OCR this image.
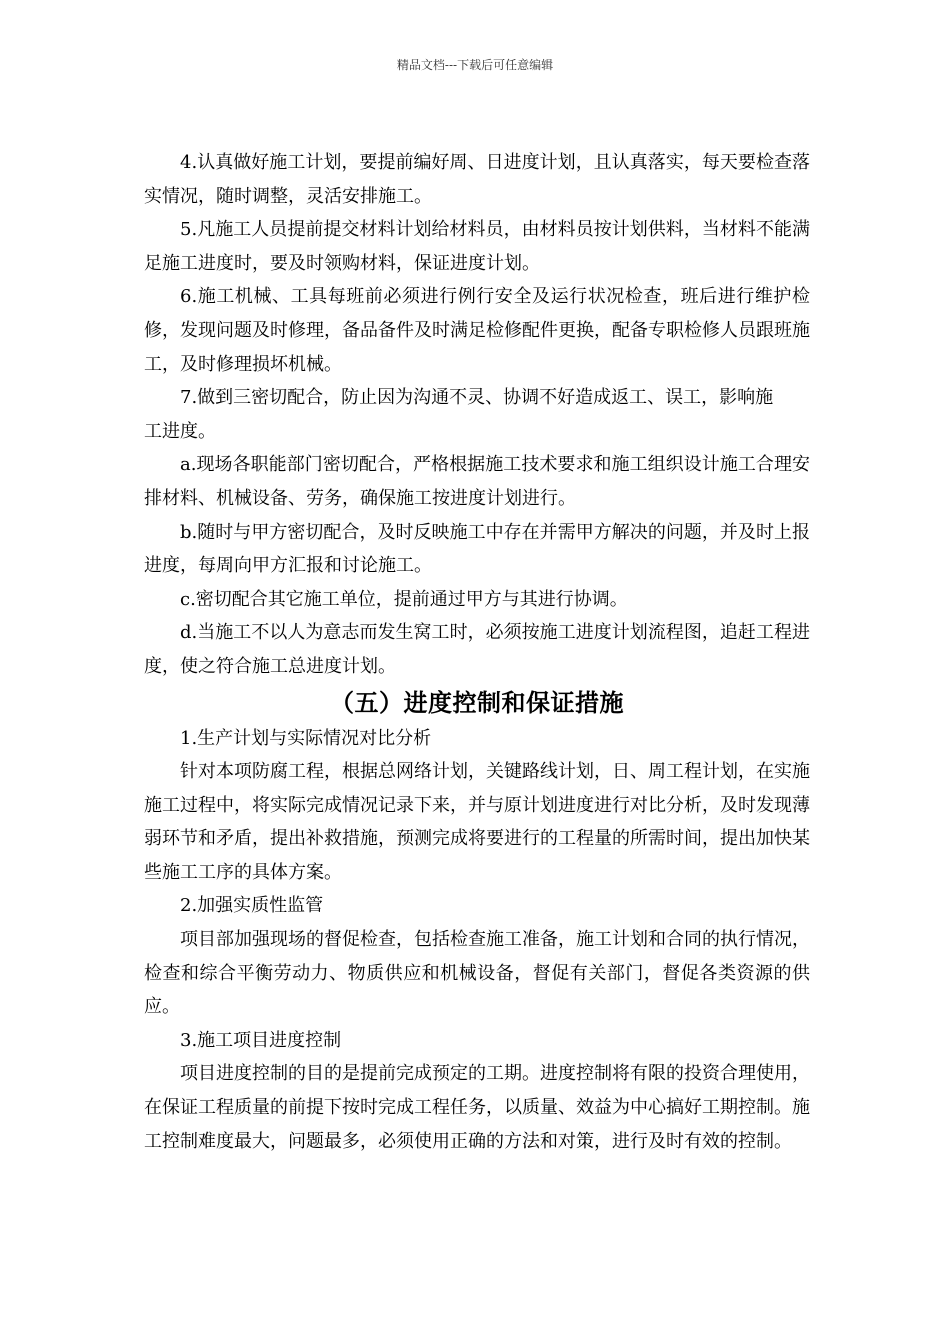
精品文档---下载后可任意编辑

4.认真做好施工计划，要提前编好周、日进度计划，且认真落实，每天要检查落实情况，随时调整，灵活安排施工。

5.凡施工人员提前提交材料计划给材料员，由材料员按计划供料，当材料不能满足施工进度时，要及时领购材料，保证进度计划。

6.施工机械、工具每班前必须进行例行安全及运行状况检查，班后进行维护检修，发现问题及时修理，备品备件及时满足检修配件更换，配备专职检修人员跟班施工，及时修理损坏机械。

7.做到三密切配合，防止因为沟通不灵、协调不好造成返工、误工，影响施

工进度。

a.现场各职能部门密切配合，严格根据施工技术要求和施工组织设计施工合理安排材料、机械设备、劳务，确保施工按进度计划进行。

b.随时与甲方密切配合，及时反映施工中存在并需甲方解决的问题，并及时上报进度，每周向甲方汇报和讨论施工。

c.密切配合其它施工单位，提前通过甲方与其进行协调。

d.当施工不以人为意志而发生窝工时，必须按施工进度计划流程图，追赶工程进度，使之符合施工总进度计划。

（五）进度控制和保证措施

1.生产计划与实际情况对比分析

针对本项防腐工程，根据总网络计划，关键路线计划，日、周工程计划，在实施施工过程中，将实际完成情况记录下来，并与原计划进度进行对比分析，及时发现薄弱环节和矛盾，提出补救措施，预测完成将要进行的工程量的所需时间，提出加快某些施工工序的具体方案。

2.加强实质性监管

项目部加强现场的督促检查，包括检查施工准备，施工计划和合同的执行情况，检查和综合平衡劳动力、物质供应和机械设备，督促有关部门，督促各类资源的供应。

3.施工项目进度控制

项目进度控制的目的是提前完成预定的工期。进度控制将有限的投资合理使用，在保证工程质量的前提下按时完成工程任务，以质量、效益为中心搞好工期控制。施工控制难度最大，问题最多，必须使用正确的方法和对策，进行及时有效的控制。
